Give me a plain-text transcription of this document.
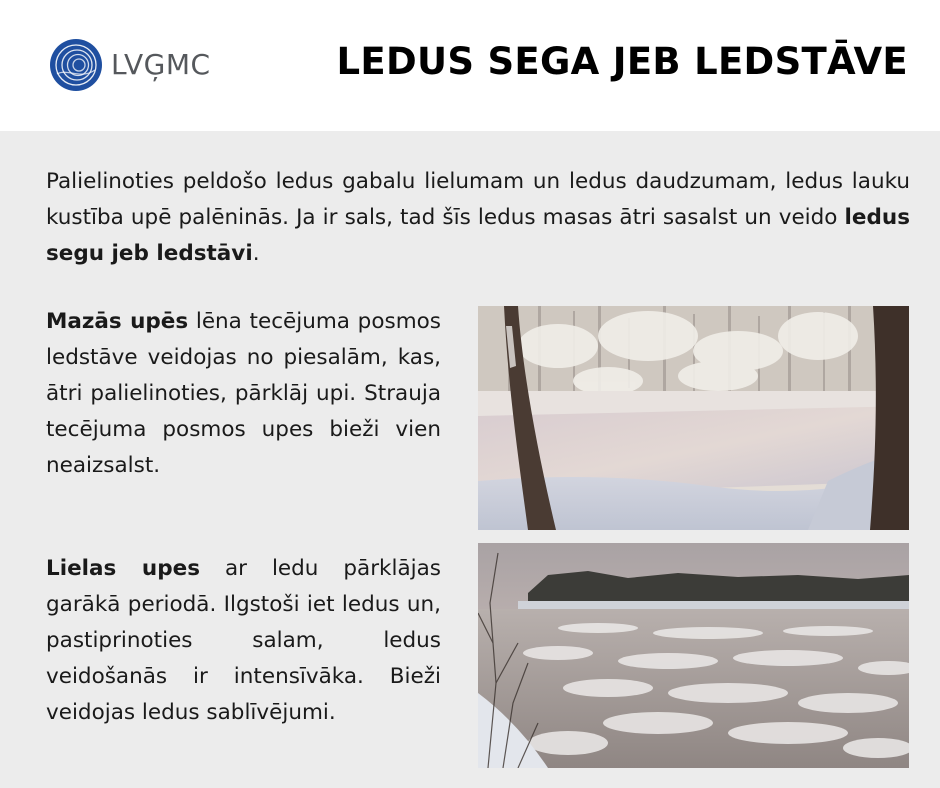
LVĢMC	LEDUS SEGA JEB LEDSTĀVE

Palielinoties peldošo ledus gabalu lielumam un ledus daudzumam, ledus lauku kustība upē palēninās. Ja ir sals, tad šīs ledus masas ātri sasalst un veido ledus segu jeb ledstāvi.

Mazās upēs lēna tecējuma posmos ledstāve veidojas no piesalām, kas, ātri palielinoties, pārklāj upi. Strauja tecējuma posmos upes bieži vien neaizsalst.

Lielas upes ar ledu pārklājas garākā periodā. Ilgstoši iet ledus un, pastiprinoties salam, ledus veidošanās ir intensīvāka. Bieži veidojas ledus sablīvējumi.
